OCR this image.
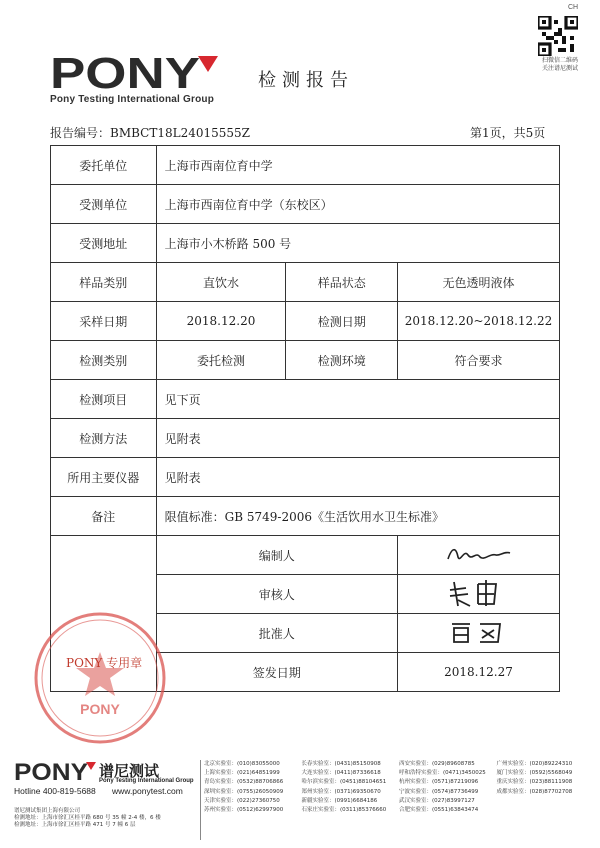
CH
扫微信二维码
关注谱尼测试
PONY
Pony Testing International Group
检测报告
报告编号：BMBCT18L24015555Z	第1页，共5页
委托单位	上海市西南位育中学		
受测单位	上海市西南位育中学（东校区）		
受测地址	上海市小木桥路 500 号		
样品类别	直饮水	样品状态	无色透明液体
采样日期	2018.12.20	检测日期	2018.12.20~2018.12.22
检测类别	委托检测	检测环境	符合要求
检测项目	见下页		
检测方法	见附表		
所用主要仪器	见附表		
备注	限值标准：GB 5749-2006《生活饮用水卫生标准》		
	编制人	
	审核人	
	批准人	
	签发日期		2018.12.27
PONY
PONY 专用章
PONY 谱尼测试
Pony Testing International Group
Hotline 400-819-5688 www.ponytest.com
谱尼测试集团上海有限公司
检测地址：上海市徐汇区桂平路 680 号 35 幢 2-4 楼，6 楼
检测地址：上海市徐汇区桂平路 471 号 7 幢 6 层
北京实验室：(010)83055000
上海实验室：(021)64851999
青岛实验室：(0532)88706866
深圳实验室：(0755)26050909
天津实验室：(022)27360750
苏州实验室：(0512)62997900
长春实验室：(0431)85150908
大连实验室：(0411)87336618
哈尔滨实验室：(0451)88104651
郑州实验室：(0371)69350670
新疆实验室：(0991)6684186
石家庄实验室：(0311)85376660
西安实验室：(029)89608785
呼和浩特实验室：(0471)3450025
杭州实验室：(0571)87219096
宁波实验室：(0574)87736499
武汉实验室：(027)83997127
合肥实验室：(0551)63843474
广州实验室：(020)89224310
厦门实验室：(0592)5568049
重庆实验室：(023)88111908
成都实验室：(028)87702708
